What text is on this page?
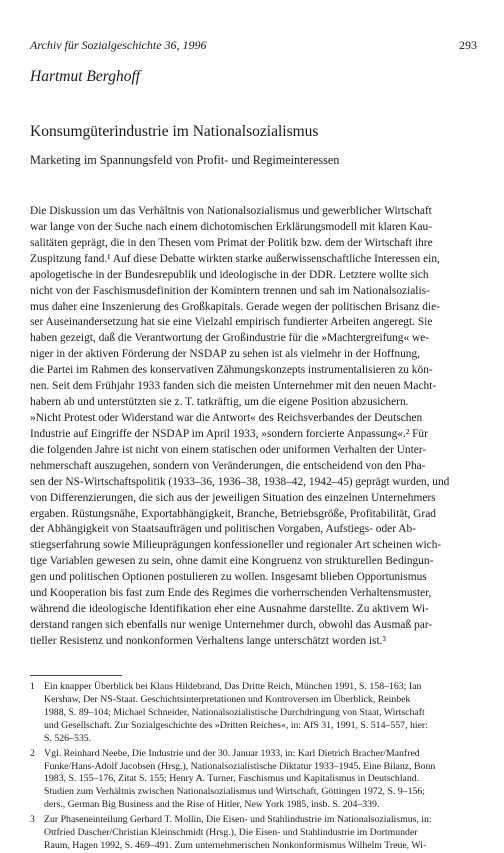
Archiv für Sozialgeschichte 36, 1996	293
Hartmut Berghoff
Konsumgüterindustrie im Nationalsozialismus
Marketing im Spannungsfeld von Profit- und Regimeinteressen
Die Diskussion um das Verhältnis von Nationalsozialismus und gewerblicher Wirtschaft
war lange von der Suche nach einem dichotomischen Erklärungsmodell mit klaren Kau-
salitäten geprägt, die in den Thesen vom Primat der Politik bzw. dem der Wirtschaft ihre
Zuspitzung fand.¹ Auf diese Debatte wirkten starke außerwissenschaftliche Interessen ein,
apologetische in der Bundesrepublik und ideologische in der DDR. Letztere wollte sich
nicht von der Faschismusdefinition der Komintern trennen und sah im Nationalsozialis-
mus daher eine Inszenierung des Großkapitals. Gerade wegen der politischen Brisanz die-
ser Auseinandersetzung hat sie eine Vielzahl empirisch fundierter Arbeiten angeregt. Sie
haben gezeigt, daß die Verantwortung der Großindustrie für die »Machtergreifung« we-
niger in der aktiven Förderung der NSDAP zu sehen ist als vielmehr in der Hoffnung,
die Partei im Rahmen des konservativen Zähmungskonzepts instrumentalisieren zu kön-
nen. Seit dem Frühjahr 1933 fanden sich die meisten Unternehmer mit den neuen Macht-
habern ab und unterstützten sie z. T. tatkräftig, um die eigene Position abzusichern.
»Nicht Protest oder Widerstand war die Antwort« des Reichsverbandes der Deutschen
Industrie auf Eingriffe der NSDAP im April 1933, »sondern forcierte Anpassung«.² Für
die folgenden Jahre ist nicht von einem statischen oder uniformen Verhalten der Unter-
nehmerschaft auszugehen, sondern von Veränderungen, die entscheidend von den Pha-
sen der NS-Wirtschaftspolitik (1933–36, 1936–38, 1938–42, 1942–45) geprägt wurden, und
von Differenzierungen, die sich aus der jeweiligen Situation des einzelnen Unternehmers
ergaben. Rüstungsnähe, Exportabhängigkeit, Branche, Betriebsgröße, Profitabilität, Grad
der Abhängigkeit von Staatsaufträgen und politischen Vorgaben, Aufstiegs- oder Ab-
stiegserfahrung sowie Milieuprägungen konfessioneller und regionaler Art scheinen wich-
tige Variablen gewesen zu sein, ohne damit eine Kongruenz von strukturellen Bedingun-
gen und politischen Optionen postulieren zu wollen. Insgesamt blieben Opportunismus
und Kooperation bis fast zum Ende des Regimes die vorherrschenden Verhaltensmuster,
während die ideologische Identifikation eher eine Ausnahme darstellte. Zu aktivem Wi-
derstand rangen sich ebenfalls nur wenige Unternehmer durch, obwohl das Ausmaß par-
tieller Resistenz und nonkonformen Verhaltens lange unterschätzt worden ist.³
1 Ein knapper Überblick bei Klaus Hildebrand, Das Dritte Reich, München 1991, S. 158–163; Ian
Kershaw, Der NS-Staat. Geschichtsinterpretationen und Kontroversen im Überblick, Reinbek
1988, S. 89–104; Michael Schneider, Nationalsozialistische Durchdringung von Staat, Wirtschaft
und Gesellschaft. Zur Sozialgeschichte des »Dritten Reiches«, in: AfS 31, 1991, S. 514–557, hier:
S. 526–535.
2 Vgl. Reinhard Neebe, Die Industrie und der 30. Januar 1933, in: Karl Dietrich Bracher/Manfred
Funke/Hans-Adolf Jacobsen (Hrsg.), Nationalsozialistische Diktatur 1933–1945. Eine Bilanz, Bonn
1983, S. 155–176, Zitat S. 155; Henry A. Turner, Faschismus und Kapitalismus in Deutschland.
Studien zum Verhältnis zwischen Nationalsozialismus und Wirtschaft, Göttingen 1972, S. 9–156;
ders., German Big Business and the Rise of Hitler, New York 1985, insb. S. 204–339.
3 Zur Phaseneinteilung Gerhard T. Mollin, Die Eisen- und Stahlindustrie im Nationalsozialismus, in:
Ottfried Dascher/Christian Kleinschmidt (Hrsg.), Die Eisen- und Stahlindustrie im Dortmunder
Raum, Hagen 1992, S. 469–491. Zum unternehmerischen Nonkonformismus Wilhelm Treue, Wi-
